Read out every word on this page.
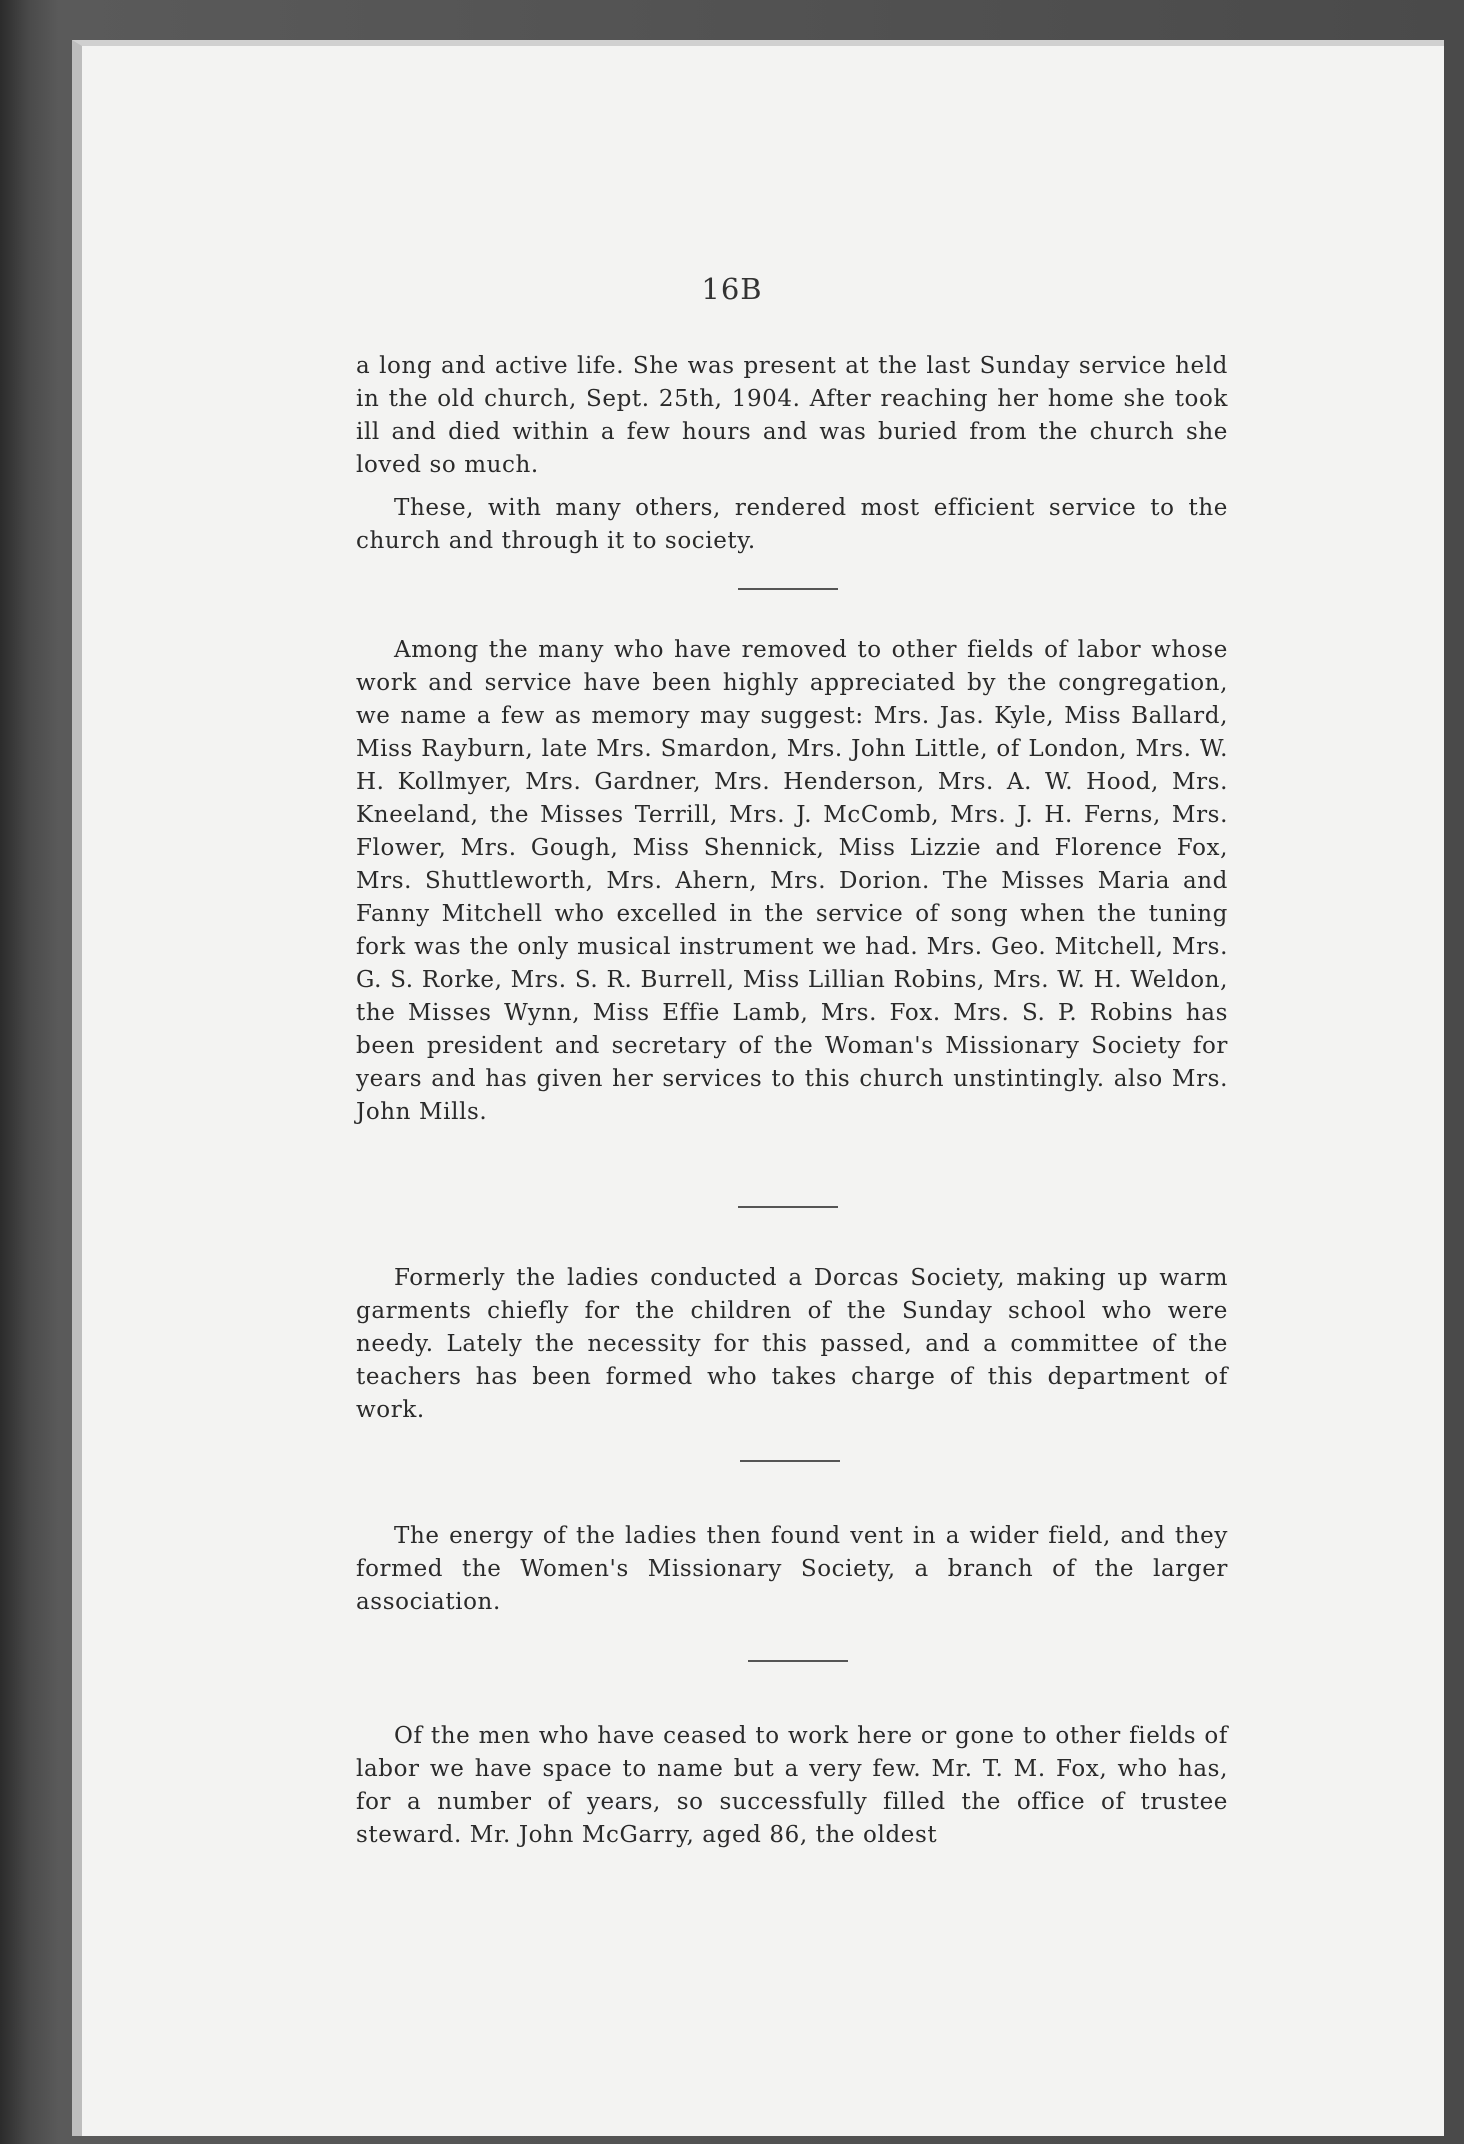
16B

a long and active life. She was present at the last Sunday service held in the old church, Sept. 25th, 1904. After reaching her home she took ill and died within a few hours and was buried from the church she loved so much.

These, with many others, rendered most efficient service to the church and through it to society.

Among the many who have removed to other fields of labor whose work and service have been highly appreciated by the congregation, we name a few as memory may suggest: Mrs. Jas. Kyle, Miss Ballard, Miss Rayburn, late Mrs. Smardon, Mrs. John Little, of London, Mrs. W. H. Kollmyer, Mrs. Gardner, Mrs. Henderson, Mrs. A. W. Hood, Mrs. Kneeland, the Misses Terrill, Mrs. J. McComb, Mrs. J. H. Ferns, Mrs. Flower, Mrs. Gough, Miss Shennick, Miss Lizzie and Florence Fox, Mrs. Shuttleworth, Mrs. Ahern, Mrs. Dorion. The Misses Maria and Fanny Mitchell who excelled in the service of song when the tuning fork was the only musical instrument we had. Mrs. Geo. Mitchell, Mrs. G. S. Rorke, Mrs. S. R. Burrell, Miss Lillian Robins, Mrs. W. H. Weldon, the Misses Wynn, Miss Effie Lamb, Mrs. Fox. Mrs. S. P. Robins has been president and secretary of the Woman's Missionary Society for years and has given her services to this church unstintingly. also Mrs. John Mills.

Formerly the ladies conducted a Dorcas Society, making up warm garments chiefly for the children of the Sunday school who were needy. Lately the necessity for this passed, and a committee of the teachers has been formed who takes charge of this department of work.

The energy of the ladies then found vent in a wider field, and they formed the Women's Missionary Society, a branch of the larger association.

Of the men who have ceased to work here or gone to other fields of labor we have space to name but a very few. Mr. T. M. Fox, who has, for a number of years, so successfully filled the office of trustee steward. Mr. John McGarry, aged 86, the oldest
